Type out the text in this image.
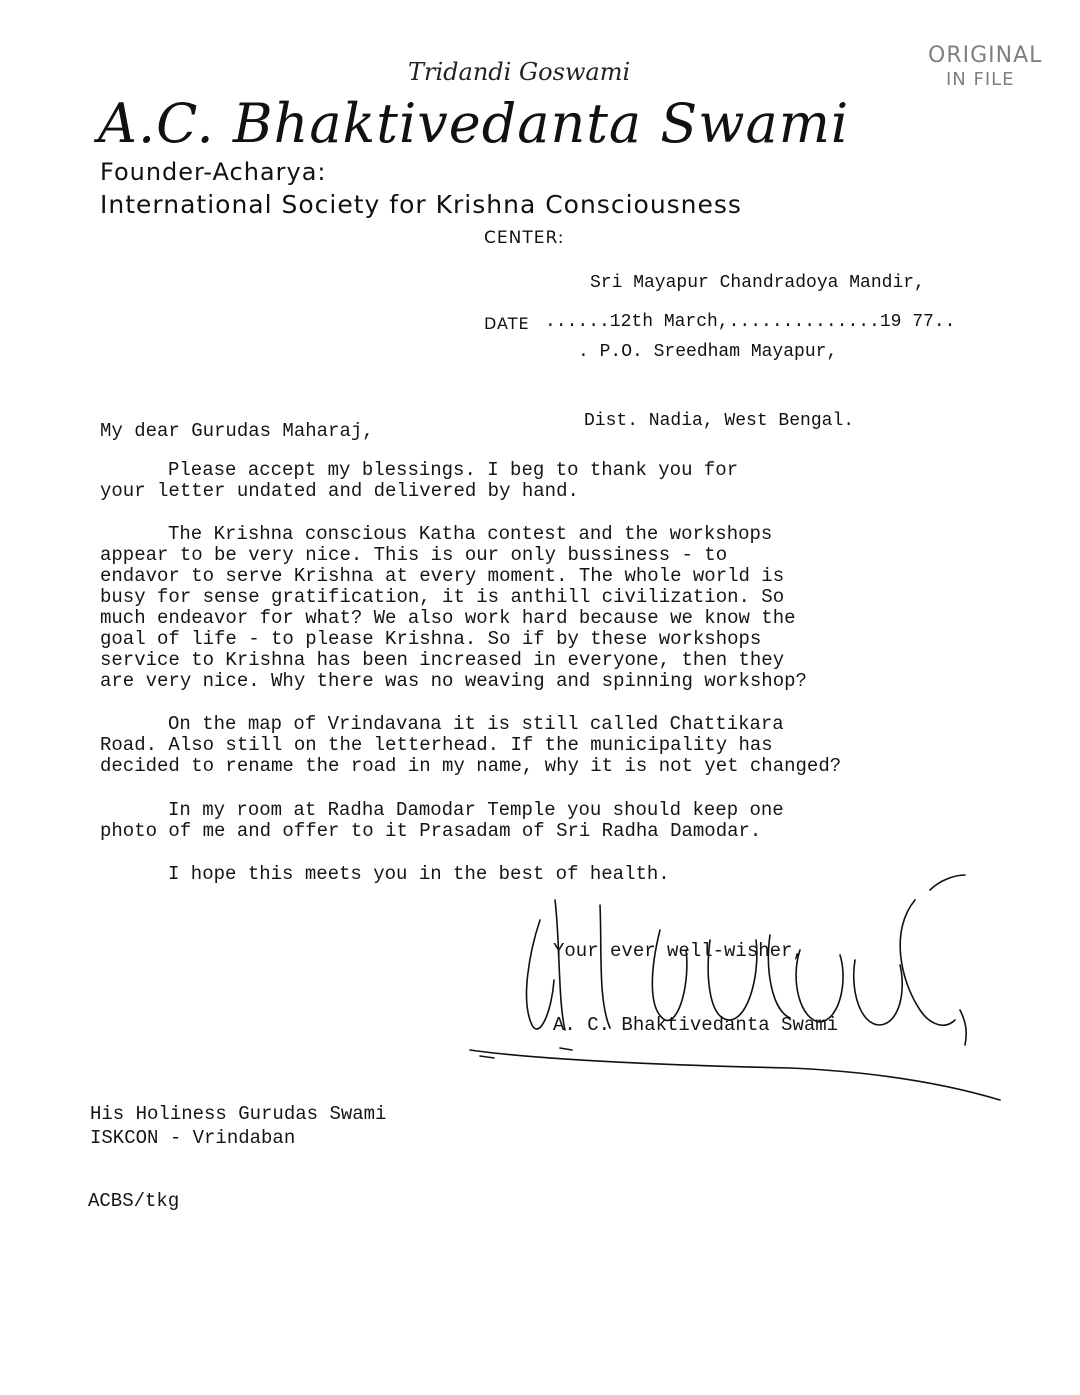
ORIGINAL
IN FILE
Tridandi Goswami
A.C. Bhaktivedanta Swami
Founder-Acharya:
International Society for Krishna Consciousness
CENTER:

Sri Mayapur Chandradoya Mandir,

. P.O. Sreedham Mayapur,

Dist. Nadia, West Bengal.

DATE ......12th March,..............19 77..
My dear Gurudas Maharaj,
Please accept my blessings. I beg to thank you for
your letter undated and delivered by hand.
The Krishna conscious Katha contest and the workshops
appear to be very nice. This is our only bussiness - to
endavor to serve Krishna at every moment. The whole world is
busy for sense gratification, it is anthill civilization. So
much endeavor for what? We also work hard because we know the
goal of life - to please Krishna. So if by these workshops
service to Krishna has been increased in everyone, then they
are very nice. Why there was no weaving and spinning workshop?
On the map of Vrindavana it is still called Chattikara
Road. Also still on the letterhead. If the municipality has
decided to rename the road in my name, why it is not yet changed?
In my room at Radha Damodar Temple you should keep one
photo of me and offer to it Prasadam of Sri Radha Damodar.
I hope this meets you in the best of health.
Your ever well-wisher,
A. C. Bhaktivedanta Swami
His Holiness Gurudas Swami
ISKCON - Vrindaban
ACBS/tkg
